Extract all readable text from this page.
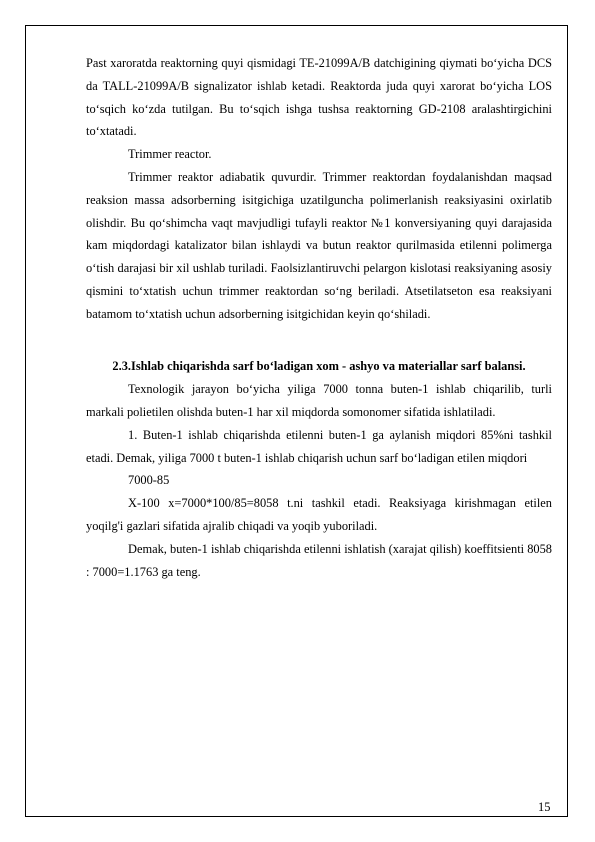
Past xaroratda reaktorning quyi qismidagi TE-21099A/B datchigining qiymati bo‘yicha DCS da TALL-21099A/B signalizator ishlab ketadi. Reaktorda juda quyi xarorat bo‘yicha LOS to‘sqich ko‘zda tutilgan. Bu to‘sqich ishga tushsa reaktorning GD-2108 aralashtirgichini to‘xtatadi.

Trimmer reactor.

Trimmer reaktor adiabatik quvurdir. Trimmer reaktordan foydalanishdan maqsad reaksion massa adsorberning isitgichiga uzatilguncha polimerlanish reaksiyasini oxirlatib olishdir. Bu qo‘shimcha vaqt mavjudligi tufayli reaktor №1 konversiyaning quyi darajasida kam miqdordagi katalizator bilan ishlaydi va butun reaktor qurilmasida etilenni polimerga o‘tish darajasi bir xil ushlab turiladi. Faolsizlantiruvchi pelargon kislotasi reaksiyaning asosiy qismini to‘xtatish uchun trimmer reaktordan so‘ng beriladi. Atsetilatseton esa reaksiyani batamom to‘xtatish uchun adsorberning isitgichidan keyin qo‘shiladi.

2.3.Ishlab chiqarishda sarf bo‘ladigan xom - ashyo va materiallar sarf balansi.

Texnologik jarayon bo‘yicha yiliga 7000 tonna buten-1 ishlab chiqarilib, turli markali polietilen olishda buten-1 har xil miqdorda somonomer sifatida ishlatiladi.

1. Buten-1 ishlab chiqarishda etilenni buten-1 ga aylanish miqdori 85%ni tashkil etadi. Demak, yiliga 7000 t buten-1 ishlab chiqarish uchun sarf bo‘ladigan etilen miqdori

7000-85

X-100 x=7000*100/85=8058 t.ni tashkil etadi. Reaksiyaga kirishmagan etilen yoqilg'i gazlari sifatida ajralib chiqadi va yoqib yuboriladi.

Demak, buten-1 ishlab chiqarishda etilenni ishlatish (xarajat qilish) koeffitsienti 8058 : 7000=1.1763 ga teng.

15
